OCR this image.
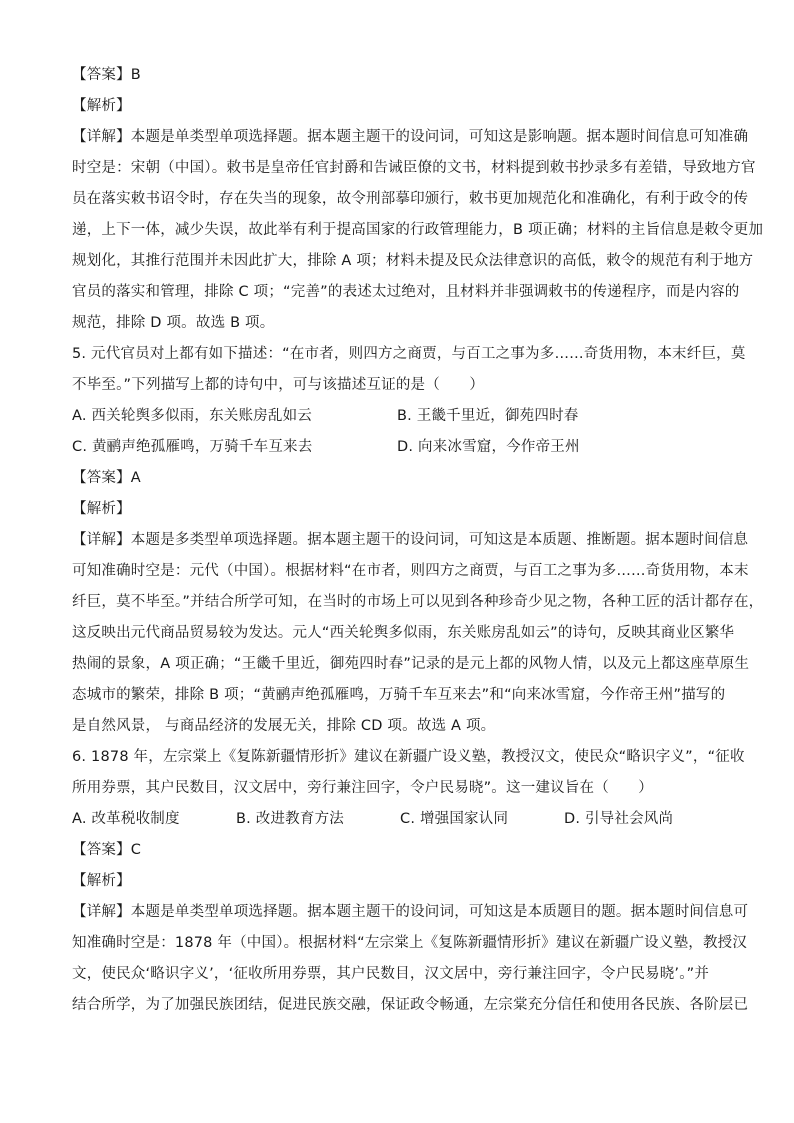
【答案】B
【解析】

【详解】本题是单类型单项选择题。据本题主题干的设问词，可知这是影响题。据本题时间信息可知准确
时空是：宋朝（中国）。敕书是皇帝任官封爵和告诫臣僚的文书，材料提到敕书抄录多有差错，导致地方官
员在落实敕书诏令时，存在失当的现象，故令刑部摹印颁行，敕书更加规范化和准确化，有利于政令的传
递，上下一体，减少失误，故此举有利于提高国家的行政管理能力，B 项正确；材料的主旨信息是敕令更加
规划化，其推行范围并未因此扩大，排除 A 项；材料未提及民众法律意识的高低，敕令的规范有利于地方
官员的落实和管理，排除 C 项；“完善”的表述太过绝对，且材料并非强调敕书的传递程序，而是内容的
规范，排除 D 项。故选 B 项。

5. 元代官员对上都有如下描述：“在市者，则四方之商贾，与百工之事为多……奇货用物，本末纤巨，莫
不毕至。”下列描写上都的诗句中，可与该描述互证的是（　　）

A. 西关轮舆多似雨，东关账房乱如云	B. 王畿千里近，御苑四时春
C. 黄鹂声绝孤雁鸣，万骑千车互来去	D. 向来冰雪窟，今作帝王州
【答案】A
【解析】

【详解】本题是多类型单项选择题。据本题主题干的设问词，可知这是本质题、推断题。据本题时间信息
可知准确时空是：元代（中国）。根据材料“在市者，则四方之商贾，与百工之事为多……奇货用物，本末
纤巨，莫不毕至。”并结合所学可知，在当时的市场上可以见到各种珍奇少见之物，各种工匠的活计都存在，
这反映出元代商品贸易较为发达。元人“西关轮舆多似雨，东关账房乱如云”的诗句，反映其商业区繁华
热闹的景象，A 项正确；“王畿千里近，御苑四时春”记录的是元上都的风物人情，以及元上都这座草原生
态城市的繁荣，排除 B 项；“黄鹂声绝孤雁鸣，万骑千车互来去”和“向来冰雪窟，今作帝王州”描写的
是自然风景， 与商品经济的发展无关，排除 CD 项。故选 A 项。

6. 1878 年，左宗棠上《复陈新疆情形折》建议在新疆广设义塾，教授汉文，使民众“略识字义”，“征收
所用券票，其户民数目，汉文居中，旁行兼注回字，令户民易晓”。这一建议旨在（　　）

A. 改革税收制度	B. 改进教育方法	C. 增强国家认同	D. 引导社会风尚
【答案】C
【解析】

【详解】本题是单类型单项选择题。据本题主题干的设问词，可知这是本质题目的题。据本题时间信息可
知准确时空是：1878 年（中国）。根据材料“左宗棠上《复陈新疆情形折》建议在新疆广设义塾，教授汉
文，使民众‘略识字义’，‘征收所用券票，其户民数目，汉文居中，旁行兼注回字，令户民易晓’。”并
结合所学，为了加强民族团结，促进民族交融，保证政令畅通，左宗棠充分信任和使用各民族、各阶层已
